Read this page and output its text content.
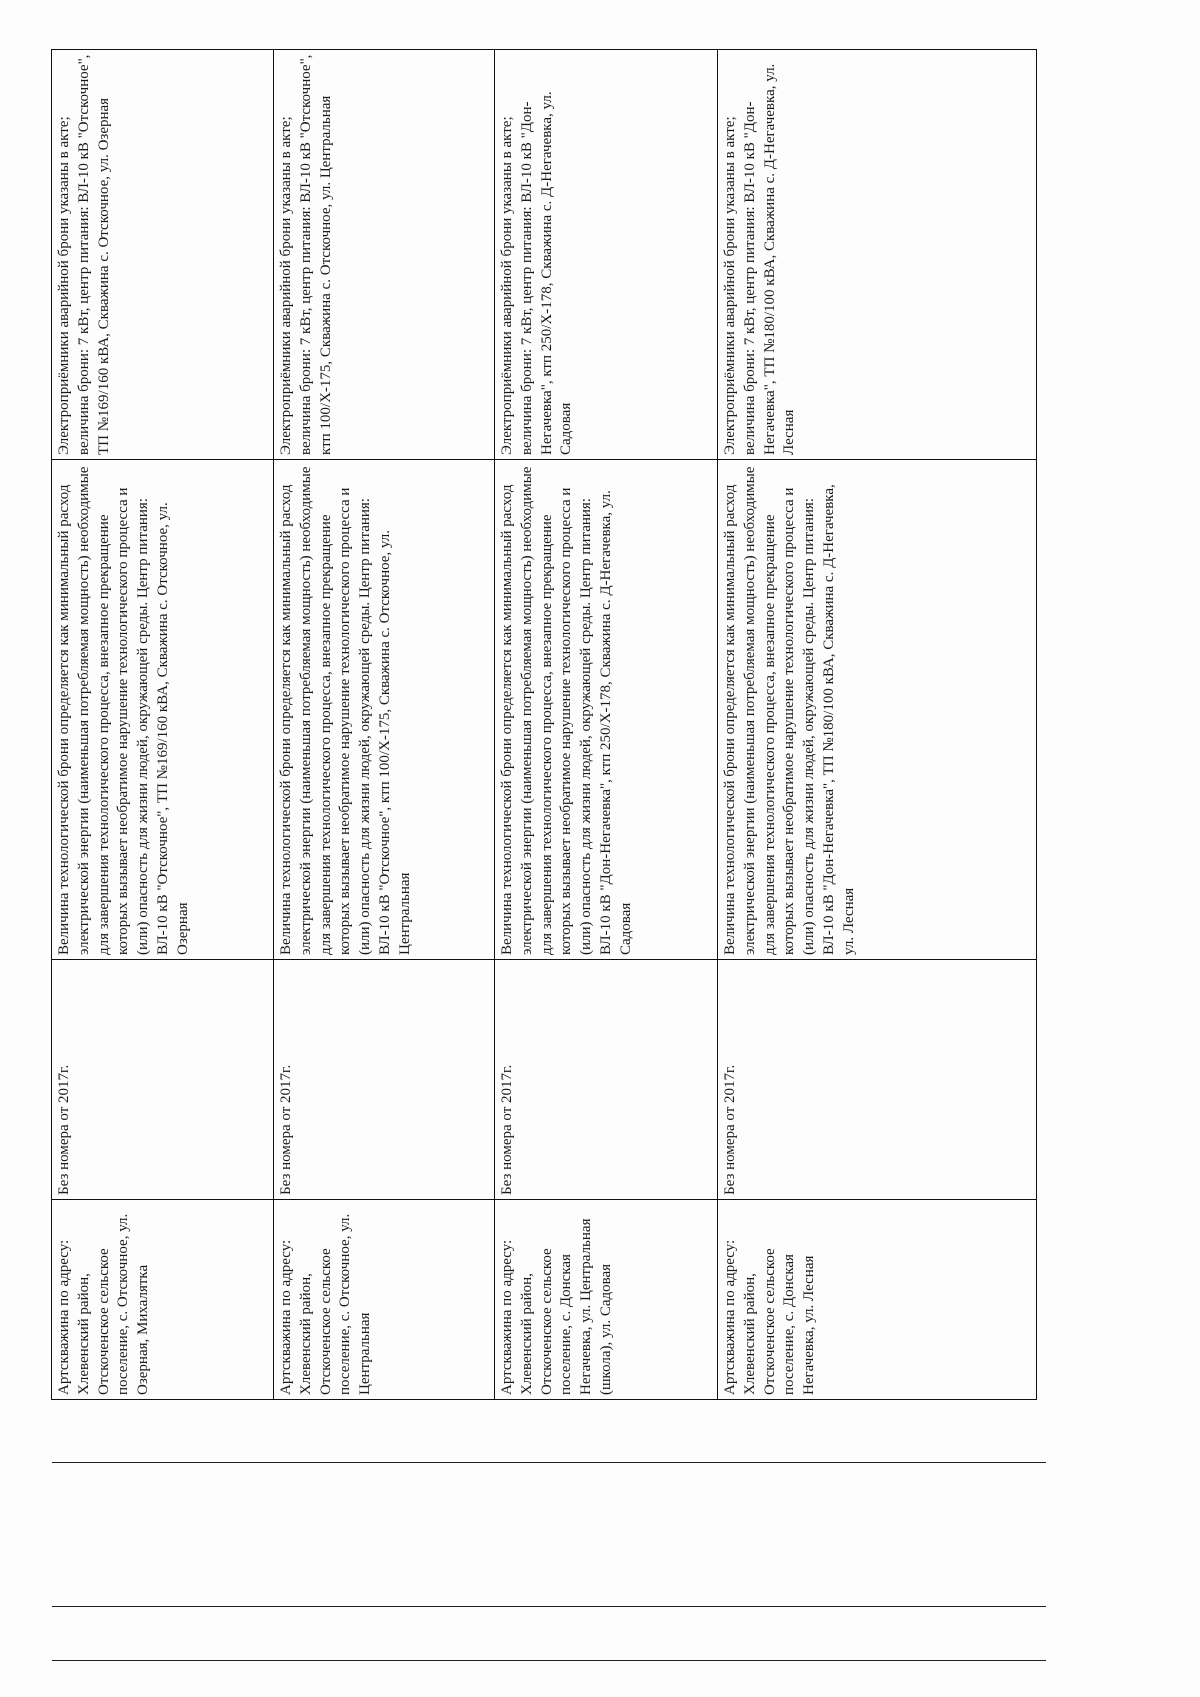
Артскважина по адресу: Хлевенский район, Отскоченское сельское поселение, с. Отскочное, ул. Озерная, Михалятка	Без номера от 2017г.	Величина технологической брони определяется как минимальный расход электрической энергии (наименьшая потребляемая мощность) необходимые для завершения технологического процесса, внезапное прекращение которых вызывает необратимое нарушение технологического процесса и (или) опасность для жизни людей, окружающей среды. Центр питания: ВЛ-10 кВ "Отскочное", ТП №169/160 кВА, Скважина с. Отскочное, ул. Озерная	Электроприёмники аварийной брони указаны в акте; величина брони: 7 кВт, центр питания: ВЛ-10 кВ "Отскочное", ТП №169/160 кВА, Скважина с. Отскочное, ул. Озерная
Артскважина по адресу: Хлевенский район, Отскоченское сельское поселение, с. Отскочное, ул. Центральная	Без номера от 2017г.	Величина технологической брони определяется как минимальный расход электрической энергии (наименьшая потребляемая мощность) необходимые для завершения технологического процесса, внезапное прекращение которых вызывает необратимое нарушение технологического процесса и (или) опасность для жизни людей, окружающей среды. Центр питания: ВЛ-10 кВ "Отскочное", ктп 100/Х-175, Скважина с. Отскочное, ул. Центральная	Электроприёмники аварийной брони указаны в акте; величина брони: 7 кВт, центр питания: ВЛ-10 кВ "Отскочное", ктп 100/Х-175, Скважина с. Отскочное, ул. Центральная
Артскважина по адресу: Хлевенский район, Отскоченское сельское поселение, с. Донская Негачевка, ул. Центральная (школа), ул. Садовая	Без номера от 2017г.	Величина технологической брони определяется как минимальный расход электрической энергии (наименьшая потребляемая мощность) необходимые для завершения технологического процесса, внезапное прекращение которых вызывает необратимое нарушение технологического процесса и (или) опасность для жизни людей, окружающей среды. Центр питания: ВЛ-10 кВ "Дон-Негачевка", ктп 250/Х-178, Скважина с. Д-Негачевка, ул. Садовая	Электроприёмники аварийной брони указаны в акте; величина брони: 7 кВт, центр питания: ВЛ-10 кВ "Дон-Негачевка", ктп 250/Х-178, Скважина с. Д-Негачевка, ул. Садовая
Артскважина по адресу: Хлевенский район, Отскоченское сельское поселение, с. Донская Негачевка, ул. Лесная	Без номера от 2017г.	Величина технологической брони определяется как минимальный расход электрической энергии (наименьшая потребляемая мощность) необходимые для завершения технологического процесса, внезапное прекращение которых вызывает необратимое нарушение технологического процесса и (или) опасность для жизни людей, окружающей среды. Центр питания: ВЛ-10 кВ "Дон-Негачевка", ТП №180/100 кВА, Скважина с. Д-Негачевка, ул. Лесная	Электроприёмники аварийной брони указаны в акте; величина брони: 7 кВт, центр питания: ВЛ-10 кВ "Дон-Негачевка", ТП №180/100 кВА, Скважина с. Д-Негачевка, ул. Лесная
